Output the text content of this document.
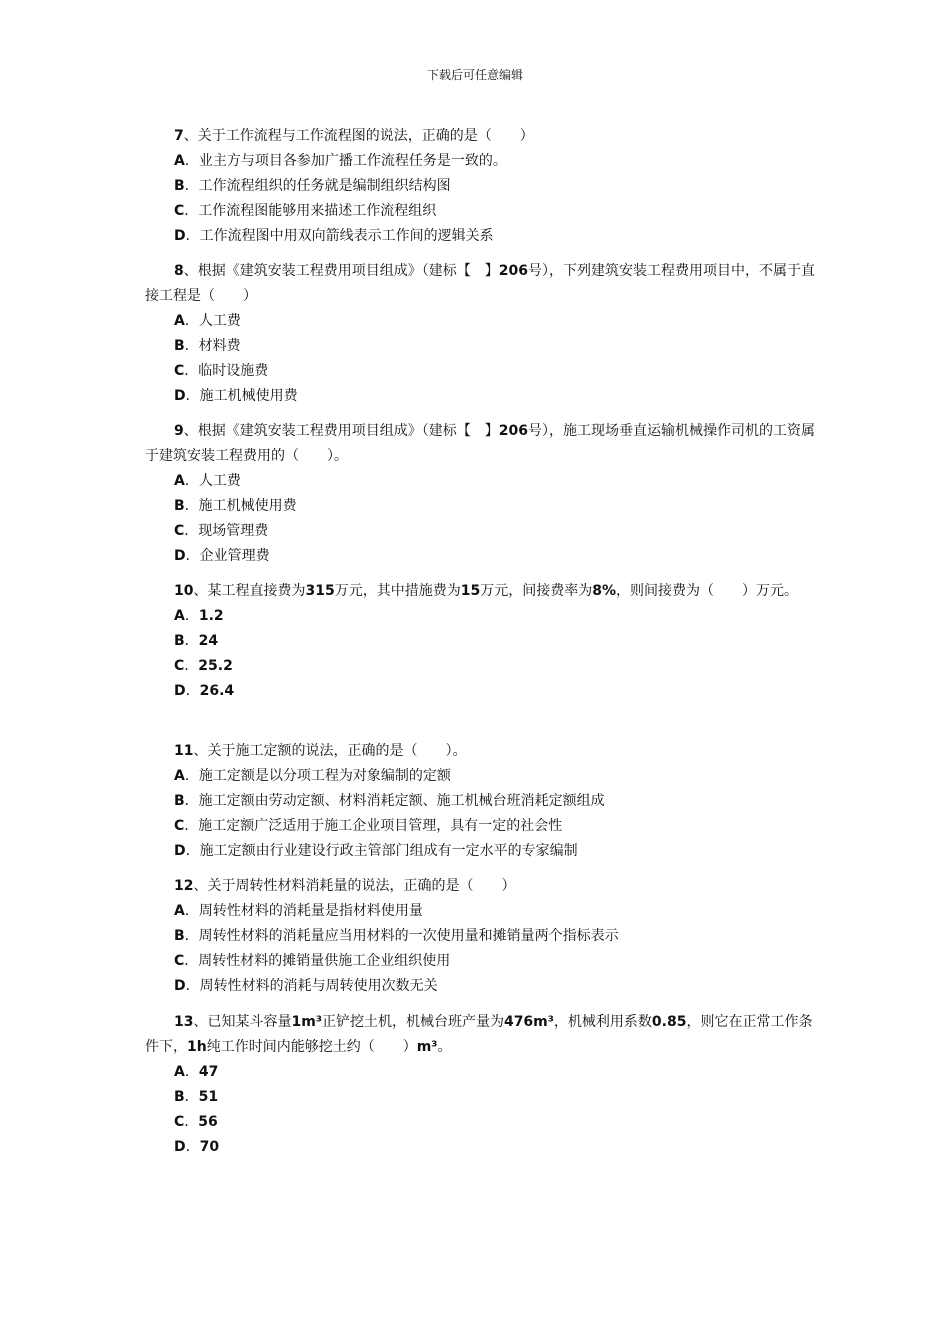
下载后可任意编辑

7、关于工作流程与工作流程图的说法，正确的是（　　）

A．业主方与项目各参加广播工作流程任务是一致的。

B．工作流程组织的任务就是编制组织结构图

C．工作流程图能够用来描述工作流程组织

D．工作流程图中用双向箭线表示工作间的逻辑关系

8、根据《建筑安装工程费用项目组成》（建标【　】206号），下列建筑安装工程费用项目中，不属于直接工程是（　　）

A．人工费

B．材料费

C．临时设施费

D．施工机械使用费

9、根据《建筑安装工程费用项目组成》（建标【　】206号），施工现场垂直运输机械操作司机的工资属于建筑安装工程费用的（　　）。

A．人工费

B．施工机械使用费

C．现场管理费

D．企业管理费

10、某工程直接费为315万元，其中措施费为15万元，间接费率为8%，则间接费为（　　）万元。

A．1.2

B．24

C．25.2

D．26.4

11、关于施工定额的说法，正确的是（　　）。

A．施工定额是以分项工程为对象编制的定额

B．施工定额由劳动定额、材料消耗定额、施工机械台班消耗定额组成

C．施工定额广泛适用于施工企业项目管理，具有一定的社会性

D．施工定额由行业建设行政主管部门组成有一定水平的专家编制

12、关于周转性材料消耗量的说法，正确的是（　　）

A．周转性材料的消耗量是指材料使用量

B．周转性材料的消耗量应当用材料的一次使用量和摊销量两个指标表示

C．周转性材料的摊销量供施工企业组织使用

D．周转性材料的消耗与周转使用次数无关

13、已知某斗容量1m³正铲挖土机，机械台班产量为476m³，机械利用系数0.85，则它在正常工作条件下，1h纯工作时间内能够挖土约（　　）m³。

A．47

B．51

C．56

D．70
